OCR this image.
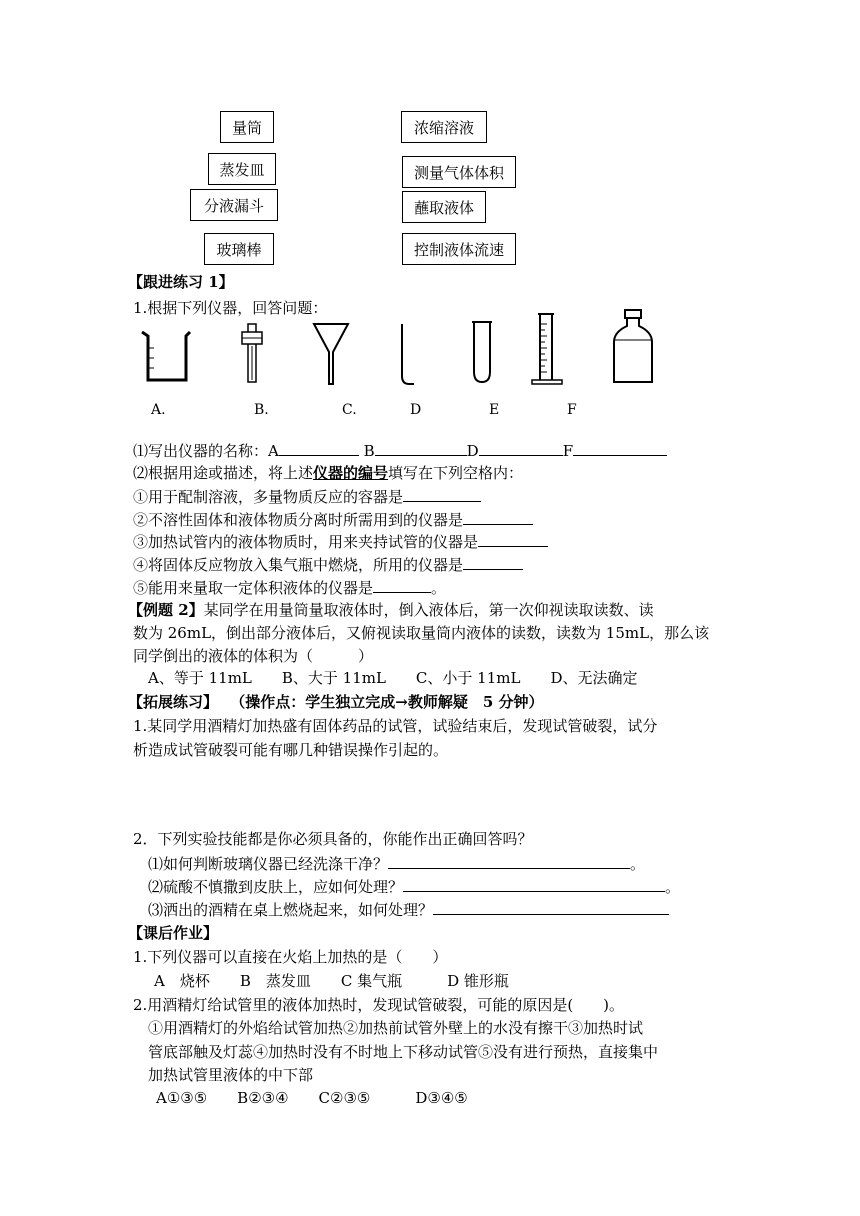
量筒
蒸发皿
分液漏斗
玻璃棒
浓缩溶液
测量气体体积
蘸取液体
控制液体流速
【跟进练习 1】
1.根据下列仪器，回答问题：
A.	B.	C.	D	E	F
⑴写出仪器的名称：A	B	D	F
⑵根据用途或描述，将上述仪器的编号填写在下列空格内：
①用于配制溶液，多量物质反应的容器是
②不溶性固体和液体物质分离时所需用到的仪器是
③加热试管内的液体物质时，用来夹持试管的仪器是
④将固体反应物放入集气瓶中燃烧，所用的仪器是
⑤能用来量取一定体积液体的仪器是	。
【例题 2】某同学在用量筒量取液体时，倒入液体后，第一次仰视读取读数、读
数为 26mL，倒出部分液体后，又俯视读取量筒内液体的读数，读数为 15mL，那么该
同学倒出的液体的体积为（　　　）
A、等于 11mL　　B、大于 11mL　　C、小于 11mL　　D、无法确定
【拓展练习】　 （操作点：学生独立完成→教师解疑　5 分钟）
1.某同学用酒精灯加热盛有固体药品的试管，试验结束后，发现试管破裂，试分
析造成试管破裂可能有哪几种错误操作引起的。
2．下列实验技能都是你必须具备的，你能作出正确回答吗？
⑴如何判断玻璃仪器已经洗涤干净？	。
⑵硫酸不慎撒到皮肤上，应如何处理？	。
⑶洒出的酒精在桌上燃烧起来，如何处理？
【课后作业】
1.下列仪器可以直接在火焰上加热的是（　　）
A　烧杯　　B　蒸发皿　　C 集气瓶　　　D 锥形瓶
2.用酒精灯给试管里的液体加热时，发现试管破裂，可能的原因是(　　)。
①用酒精灯的外焰给试管加热②加热前试管外壁上的水没有擦干③加热时试
管底部触及灯蕊④加热时没有不时地上下移动试管⑤没有进行预热，直接集中
加热试管里液体的中下部
A①③⑤　　B②③④　　C②③⑤　　　D③④⑤
